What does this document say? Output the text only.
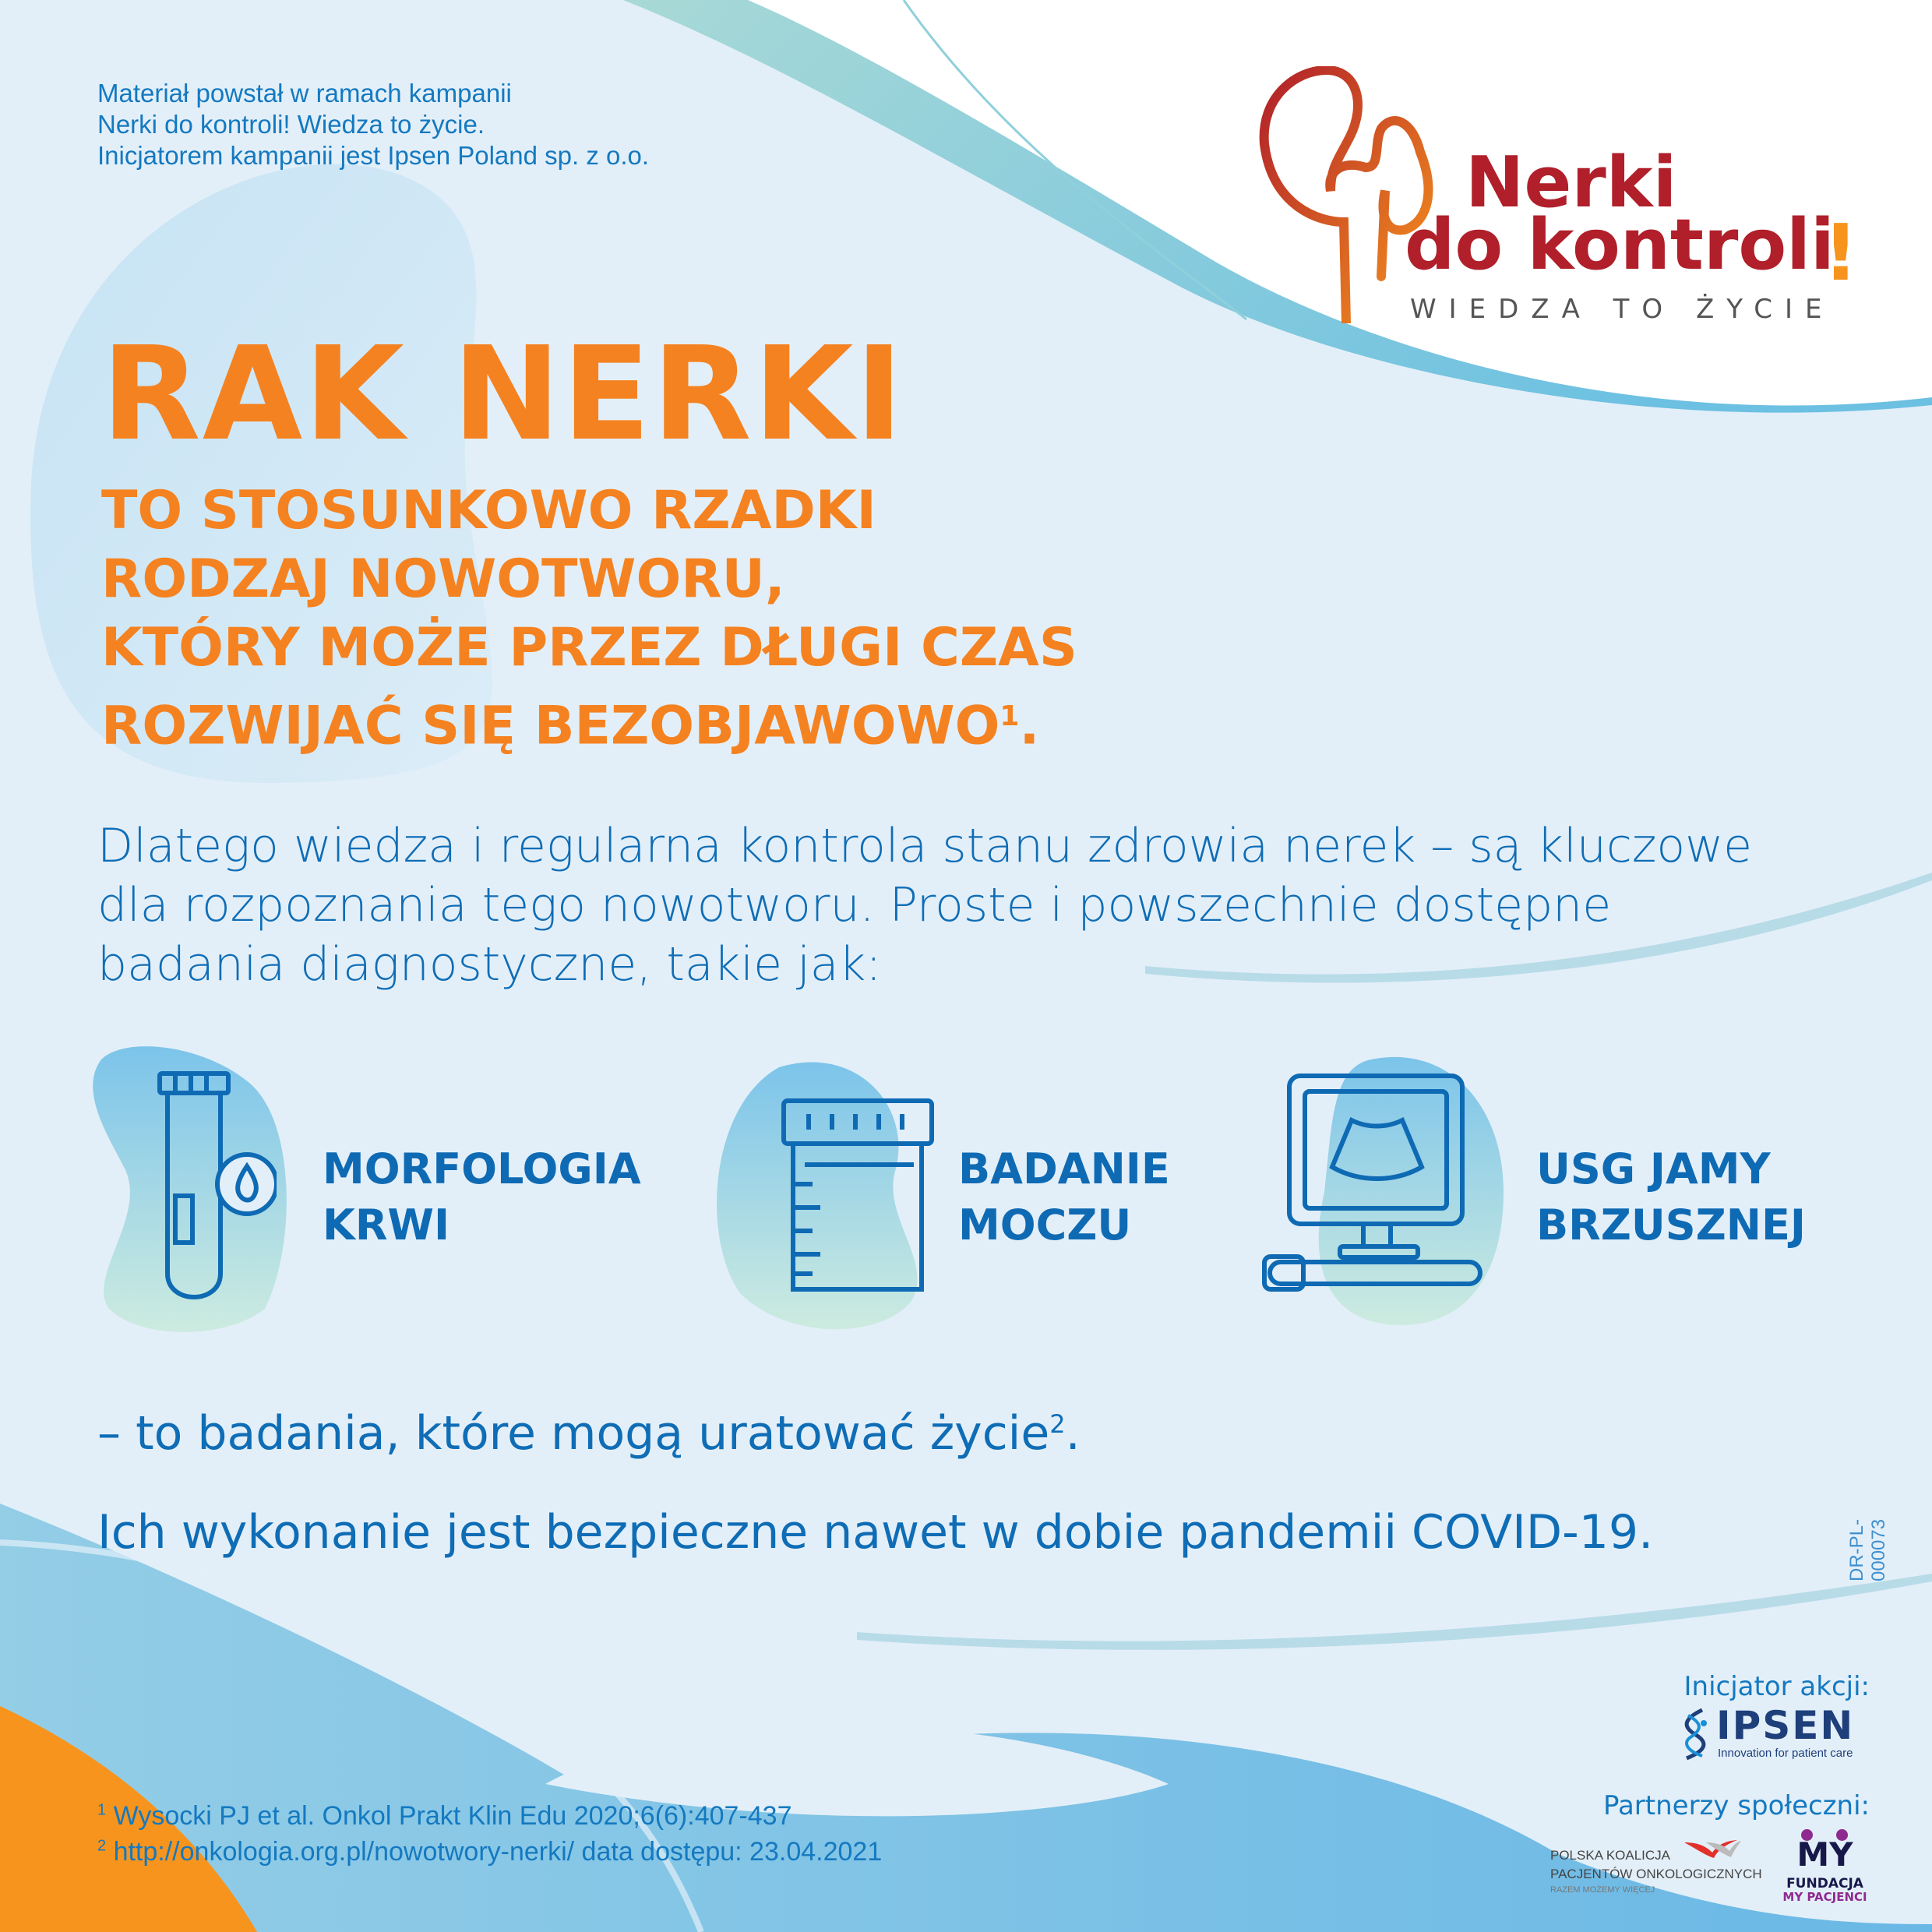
Materiał powstał w ramach kampanii
Nerki do kontroli! Wiedza to życie.
Inicjatorem kampanii jest Ipsen Poland sp. z o.o.	Nerki
do kontroli
!
WIEDZA TO ŻYCIE
RAK NERKI
TO STOSUNKOWO RZADKI
RODZAJ NOWOTWORU,
KTÓRY MOŻE PRZEZ DŁUGI CZAS
ROZWIJAĆ SIĘ BEZOBJAWOWO$^1$.
Dlatego wiedza i regularna kontrola stanu zdrowia nerek – są kluczowe
dla rozpoznania tego nowotworu. Proste i powszechnie dostępne
badania diagnostyczne, takie jak:
MORFOLOGIA
KRWI
BADANIE
MOCZU
USG JAMY
BRZUSZNEJ
– to badania, które mogą uratować życie$^2$.
Ich wykonanie jest bezpieczne nawet w dobie pandemii COVID-19.	DR-PL-000073
Inicjator akcji:
IPSEN
Innovation for patient care
Partnerzy społeczni:
POLSKA KOALICJA
PACJENTÓW ONKOLOGICZNYCH
RAZEM MOŻEMY WIĘCEJ
MY
FUNDACJA
MY PACJENCI
$^1$ Wysocki PJ et al. Onkol Prakt Klin Edu 2020;6(6):407-437
$^2$ http://onkologia.org.pl/nowotwory-nerki/ data dostępu: 23.04.2021
